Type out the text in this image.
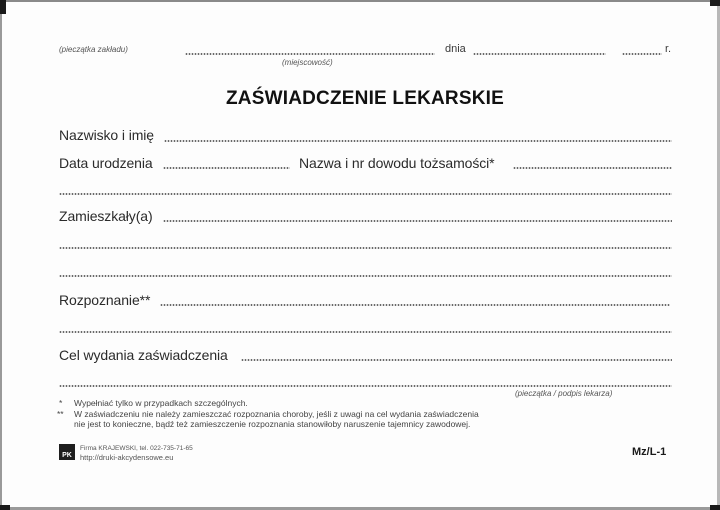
(pieczątka zakładu)
(miejscowość)
dnia	r.
ZAŚWIADCZENIE LEKARSKIE
Nazwisko i imię
Data urodzenia	Nazwa i nr dowodu tożsamości*
Zamieszkały(a)
Rozpoznanie**
Cel wydania zaświadczenia
(pieczątka / podpis lekarza)
* Wypełniać tylko w przypadkach szczególnych.
** W zaświadczeniu nie należy zamieszczać rozpoznania choroby, jeśli z uwagi na cel wydania zaświadczenia
nie jest to konieczne, bądź też zamieszczenie rozpoznania stanowiłoby naruszenie tajemnicy zawodowej.
PK
Firma KRAJEWSKI, tel. 022-735-71-65
http://druki-akcydensowe.eu	Mz/L-1
